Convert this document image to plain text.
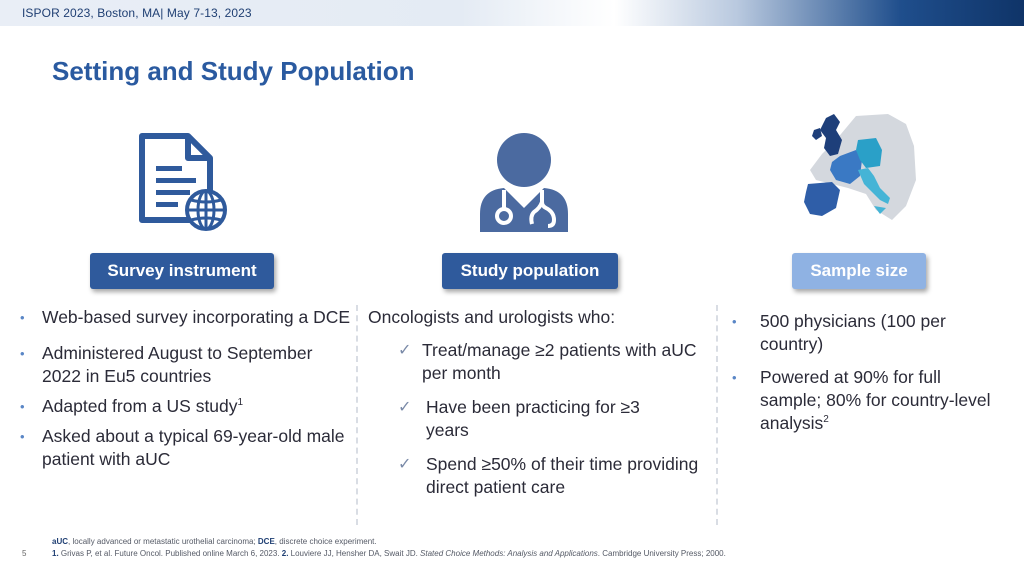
ISPOR 2023, Boston, MA| May 7-13, 2023
Setting and Study Population
Survey instrument	Study population	Sample size
• Web-based survey incorporating a DCE
• Administered August to September 2022 in Eu5 countries
• Adapted from a US study$^1$
• Asked about a typical 69-year-old male patient with aUC
Oncologists and urologists who:
✓ Treat/manage ≥2 patients with aUC per month
✓ Have been practicing for ≥3 years
✓ Spend ≥50% of their time providing direct patient care
• 500 physicians (100 per country)
• Powered at 90% for full sample; 80% for country-level analysis$^2$
aUC, locally advanced or metastatic urothelial carcinoma; DCE, discrete choice experiment.
1. Grivas P, et al. Future Oncol. Published online March 6, 2023. 2. Louviere JJ, Hensher DA, Swait JD. Stated Choice Methods: Analysis and Applications. Cambridge University Press; 2000.
5
